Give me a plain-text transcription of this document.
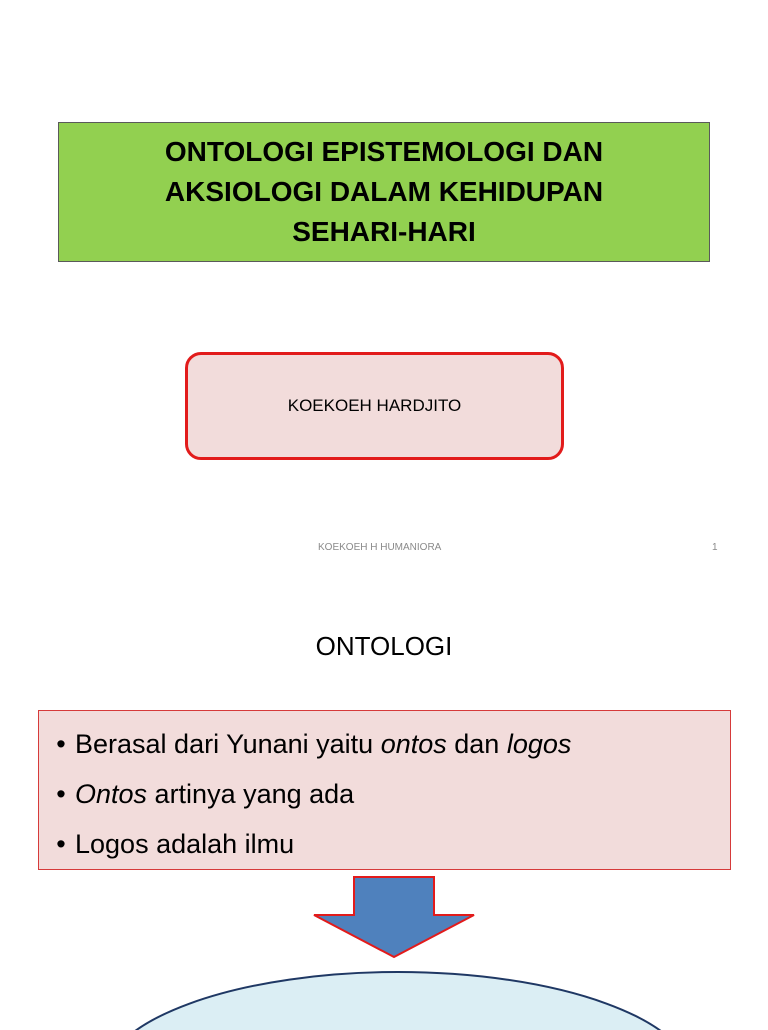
ONTOLOGI EPISTEMOLOGI DAN AKSIOLOGI DALAM KEHIDUPAN SEHARI-HARI
KOEKOEH HARDJITO
KOEKOEH H HUMANIORA	1
ONTOLOGI
• Berasal dari Yunani yaitu ontos dan logos
• Ontos artinya yang ada
• Logos adalah ilmu
